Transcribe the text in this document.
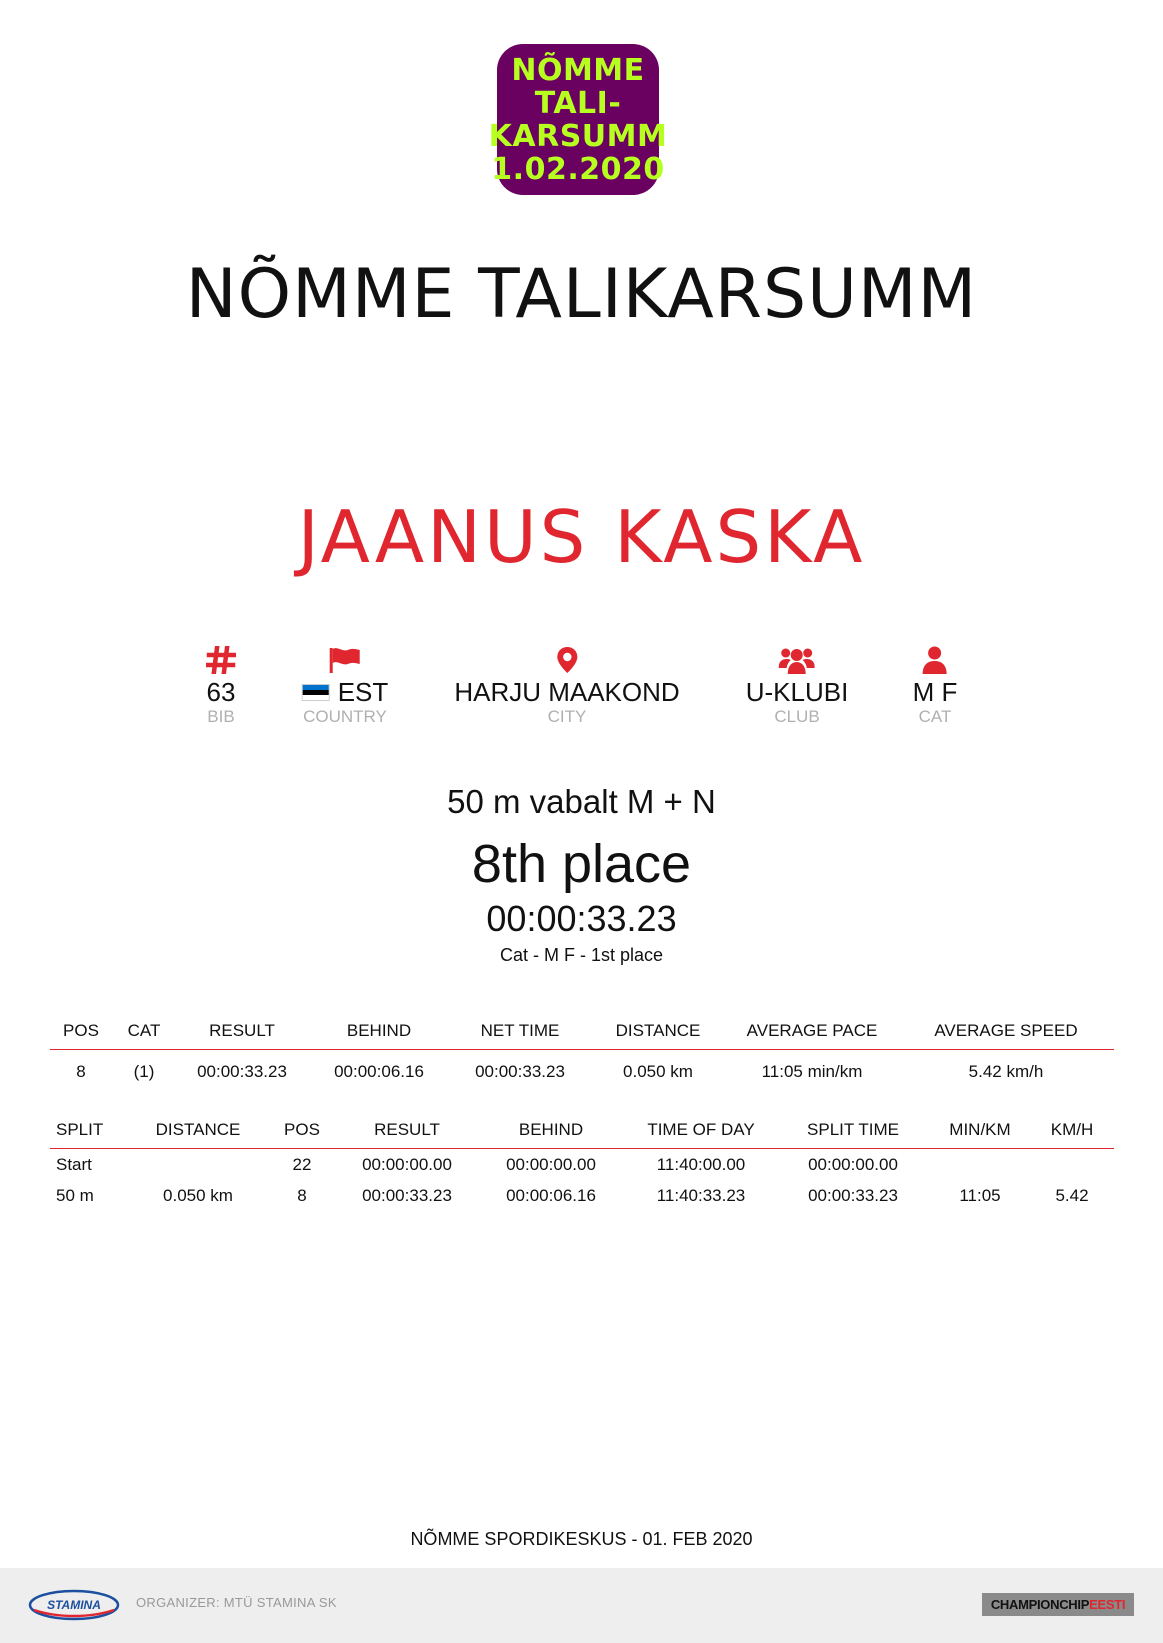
NÕMME
TALI-
KARSUMM
1.02.2020
NÕMME TALIKARSUMM
JAANUS KASKA
63
BIB
EST
COUNTRY
HARJU MAAKOND
CITY
U-KLUBI
CLUB
M F
CAT
50 m vabalt M + N
8th place
00:00:33.23
Cat - M F - 1st place
POS	CAT	RESULT	BEHIND	NET TIME	DISTANCE	AVERAGE PACE	AVERAGE SPEED
8	(1)	00:00:33.23	00:00:06.16	00:00:33.23	0.050 km	11:05 min/km	5.42 km/h
SPLIT	DISTANCE	POS	RESULT	BEHIND	TIME OF DAY	SPLIT TIME	MIN/KM	KM/H
Start		22	00:00:00.00	00:00:00.00	11:40:00.00	00:00:00.00		
50 m	0.050 km	8	00:00:33.23	00:00:06.16	11:40:33.23	00:00:33.23	11:05	5.42
NÕMME SPORDIKESKUS - 01. FEB 2020
STAMINA	ORGANIZER: MTÜ STAMINA SK	CHAMPIONCHIP EESTI
